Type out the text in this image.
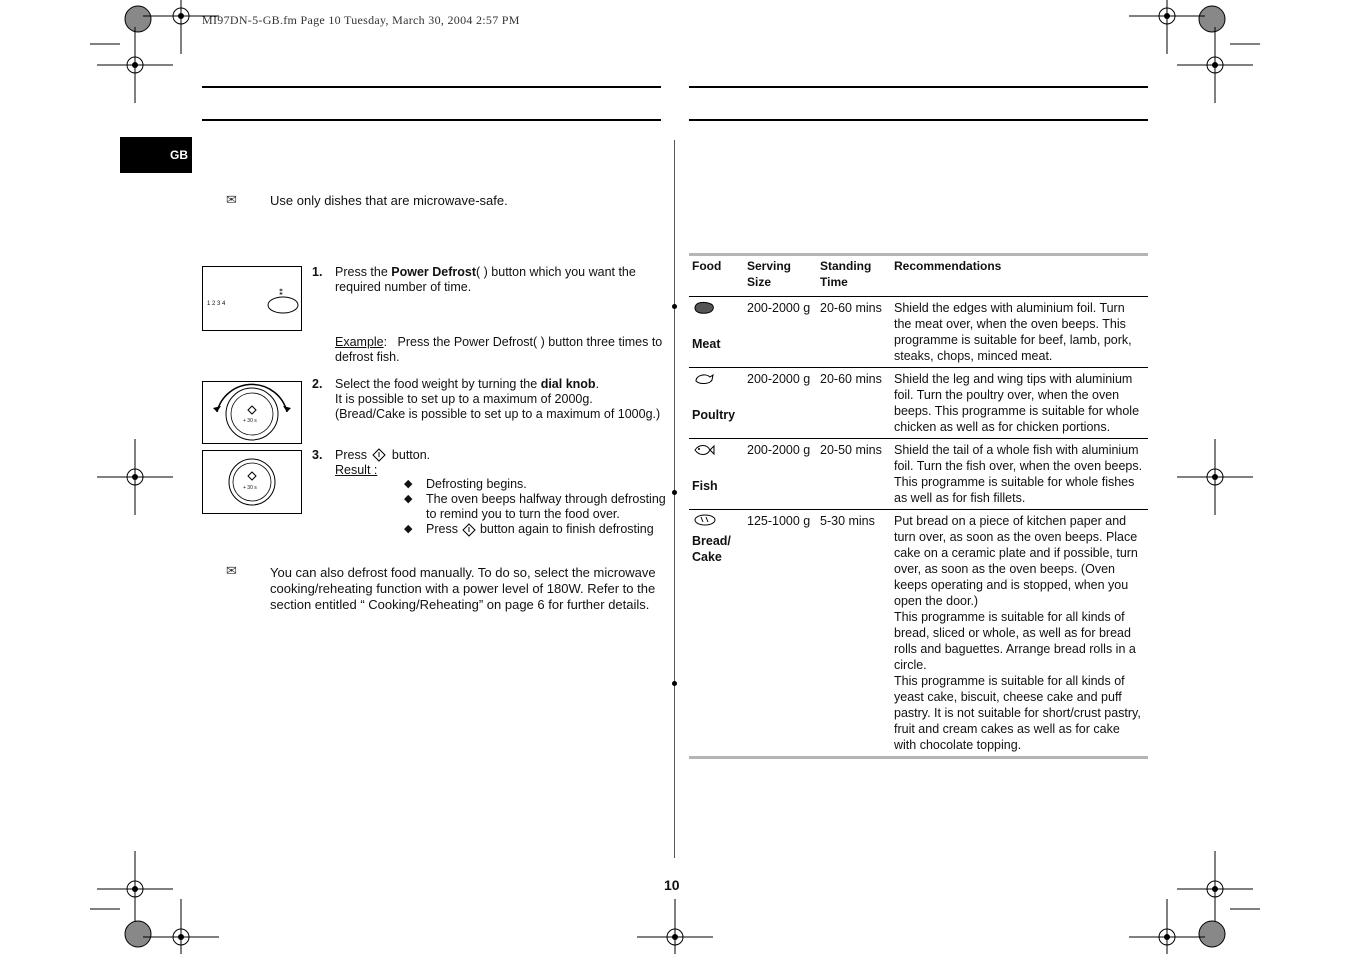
MI97DN-5-GB.fm Page 10 Tuesday, March 30, 2004 2:57 PM
GB
✉	Use only dishes that are microwave-safe.
⁑
1 2 3 4
1. Press the Power Defrost( ) button which you want the required number of time.
Example:   Press the Power Defrost( ) button three times to defrost fish.
+ 30 s
2. Select the food weight by turning the dial knob.
It is possible to set up to a maximum of 2000g.
(Bread/Cake is possible to set up to a maximum of 1000g.)
+ 30 s
3. Press button.
Result :
◆	Defrosting begins.
◆	The oven beeps halfway through defrosting to remind you to turn the food over.
◆	Press button again to finish defrosting
✉	You can also defrost food manually. To do so, select the microwave cooking/reheating function with a power level of 180W. Refer to the section entitled “ Cooking/Reheating” on page 6 for further details.
Food	Serving Size	Standing Time	Recommendations

Meat	200-2000 g	20-60 mins	Shield the edges with aluminium foil. Turn the meat over, when the oven beeps. This programme is suitable for beef, lamb, pork, steaks, chops, minced meat.

Poultry	200-2000 g	20-60 mins	Shield the leg and wing tips with aluminium foil. Turn the poultry over, when the oven beeps. This programme is suitable for whole chicken as well as for chicken portions.

Fish	200-2000 g	20-50 mins	Shield the tail of a whole fish with aluminium foil. Turn the fish over, when the oven beeps. This programme is suitable for whole fishes as well as for fish fillets.

Bread/ Cake	125-1000 g	5-30 mins	Put bread on a piece of kitchen paper and turn over, as soon as the oven beeps. Place cake on a ceramic plate and if possible, turn over, as soon as the oven beeps. (Oven keeps operating and is stopped, when you open the door.)
This programme is suitable for all kinds of bread, sliced or whole, as well as for bread rolls and baguettes. Arrange bread rolls in a circle.
This programme is suitable for all kinds of yeast cake, biscuit, cheese cake and puff pastry. It is not suitable for short/crust pastry, fruit and cream cakes as well as for cake with chocolate topping.
10
